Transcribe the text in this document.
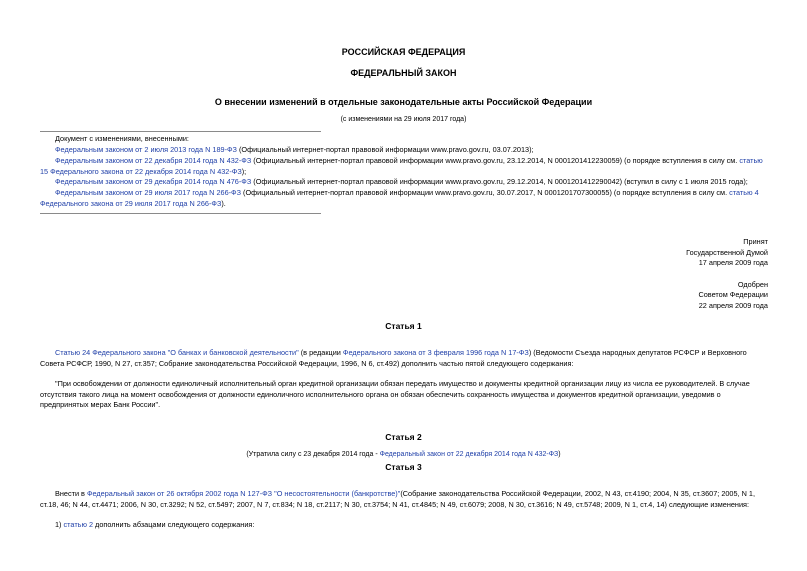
РОССИЙСКАЯ ФЕДЕРАЦИЯ
ФЕДЕРАЛЬНЫЙ ЗАКОН
О внесении изменений в отдельные законодательные акты Российской Федерации
(с изменениями на 29 июля 2017 года)
Документ с изменениями, внесенными:
Федеральным законом от 2 июля 2013 года N 189-ФЗ (Официальный интернет-портал правовой информации www.pravo.gov.ru, 03.07.2013);
Федеральным законом от 22 декабря 2014 года N 432-ФЗ (Официальный интернет-портал правовой информации www.pravo.gov.ru, 23.12.2014, N 0001201412230059) (о порядке вступления в силу см. статью 15 Федерального закона от 22 декабря 2014 года N 432-ФЗ);
Федеральным законом от 29 декабря 2014 года N 476-ФЗ (Официальный интернет-портал правовой информации www.pravo.gov.ru, 29.12.2014, N 0001201412290042) (вступил в силу с 1 июля 2015 года);
Федеральным законом от 29 июля 2017 года N 266-ФЗ (Официальный интернет-портал правовой информации www.pravo.gov.ru, 30.07.2017, N 0001201707300055) (о порядке вступления в силу см. статью 4 Федерального закона от 29 июля 2017 года N 266-ФЗ).
Принят
Государственной Думой
17 апреля 2009 года
Одобрен
Советом Федерации
22 апреля 2009 года
Статья 1
Статью 24 Федерального закона "О банках и банковской деятельности" (в редакции Федерального закона от 3 февраля 1996 года N 17-ФЗ) (Ведомости Съезда народных депутатов РСФСР и Верховного Совета РСФСР, 1990, N 27, ст.357; Собрание законодательства Российской Федерации, 1996, N 6, ст.492) дополнить частью пятой следующего содержания:
"При освобождении от должности единоличный исполнительный орган кредитной организации обязан передать имущество и документы кредитной организации лицу из числа ее руководителей. В случае отсутствия такого лица на момент освобождения от должности единоличного исполнительного органа он обязан обеспечить сохранность имущества и документов кредитной организации, уведомив о предпринятых мерах Банк России".
Статья 2
(Утратила силу с 23 декабря 2014 года - Федеральный закон от 22 декабря 2014 года N 432-ФЗ)
Статья 3
Внести в Федеральный закон от 26 октября 2002 года N 127-ФЗ "О несостоятельности (банкротстве)"(Собрание законодательства Российской Федерации, 2002, N 43, ст.4190; 2004, N 35, ст.3607; 2005, N 1, ст.18, 46; N 44, ст.4471; 2006, N 30, ст.3292; N 52, ст.5497; 2007, N 7, ст.834; N 18, ст.2117; N 30, ст.3754; N 41, ст.4845; N 49, ст.6079; 2008, N 30, ст.3616; N 49, ст.5748; 2009, N 1, ст.4, 14) следующие изменения:
1) статью 2 дополнить абзацами следующего содержания:
